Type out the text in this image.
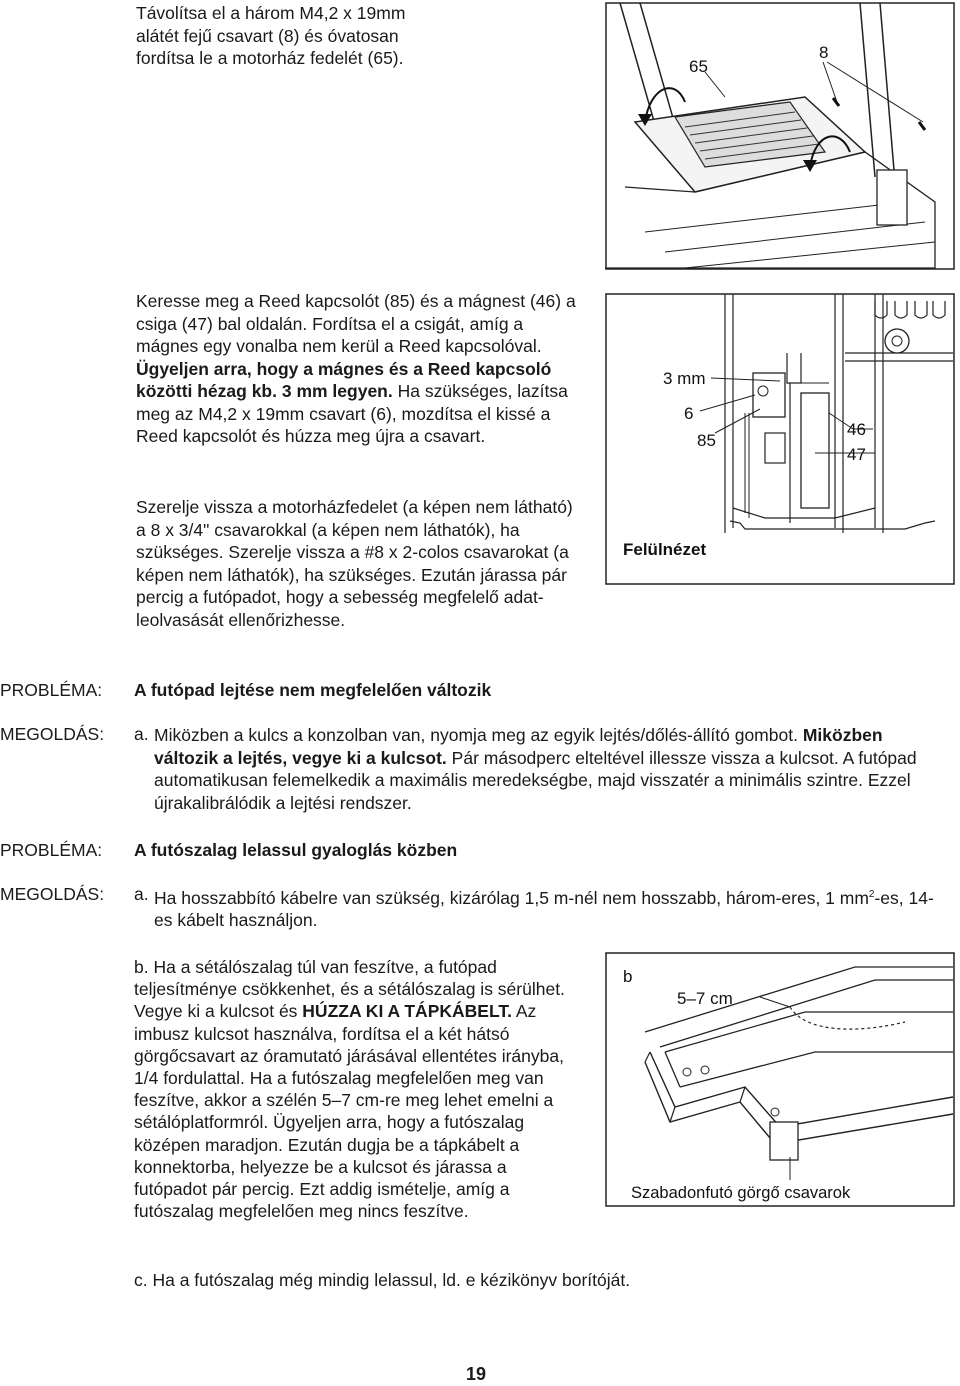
Távolítsa el a három M4,2 x 19mm alátét fejű csavart (8) és óvatosan fordítsa le a motorház fedelét (65).	65
8
Keresse meg a Reed kapcsolót (85) és a mágnest (46) a csiga (47) bal oldalán. Fordítsa el a csigát, amíg a mágnes egy vonalba nem kerül a Reed kapcsolóval. Ügyeljen arra, hogy a mágnes és a Reed kapcsoló közötti hézag kb. 3 mm legyen. Ha szükséges, lazítsa meg az M4,2 x 19mm csavart (6), mozdítsa el kissé a Reed kapcsolót és húzza meg újra a csavart.
3 mm
6
85
46
47
Felülnézet
Szerelje vissza a motorházfedelet (a képen nem látható) a 8 x 3/4" csavarokkal (a képen nem láthatók), ha szükséges. Szerelje vissza a #8 x 2-colos csavarokat (a képen nem láthatók), ha szükséges. Ezután járassa pár percig a futópadot, hogy a sebesség megfelelő adat-leolvasását ellenőrizhesse.
PROBLÉMA: A futópad lejtése nem megfelelően változik
MEGOLDÁS: a. Miközben a kulcs a konzolban van, nyomja meg az egyik lejtés/dőlés-állító gombot. Miközben változik a lejtés, vegye ki a kulcsot. Pár másodperc elteltével illessze vissza a kulcsot. A futópad automatikusan felemelkedik a maximális meredekségbe, majd visszatér a minimális szintre. Ezzel újrakalibrálódik a lejtési rendszer.
PROBLÉMA: A futószalag lelassul gyaloglás közben
MEGOLDÁS: a. Ha hosszabbító kábelre van szükség, kizárólag 1,5 m-nél nem hosszabb, három-eres, 1 $mm^2-es$, 14-es kábelt használjon.
b. Ha a sétálószalag túl van feszítve, a futópad teljesítménye csökkenhet, és a sétálószalag is sérülhet. Vegye ki a kulcsot és HÚZZA KI A TÁPKÁBELT. Az imbusz kulcsot használva, fordítsa el a két hátsó görgőcsavart az óramutató járásával ellentétes irányba, 1/4 fordulattal. Ha a futószalag megfelelően meg van feszítve, akkor a szélén 5–7 cm-re meg lehet emelni a sétálóplatformról. Ügyeljen arra, hogy a futószalag középen maradjon. Ezután dugja be a tápkábelt a konnektorba, helyezze be a kulcsot és járassa a futópadot pár percig. Ezt addig ismételje, amíg a futószalag megfelelően meg nincs feszítve.
b
5–7 cm
Szabadonfutó görgő csavarok
c. Ha a futószalag még mindig lelassul, ld. e kézikönyv borítóját.
19
